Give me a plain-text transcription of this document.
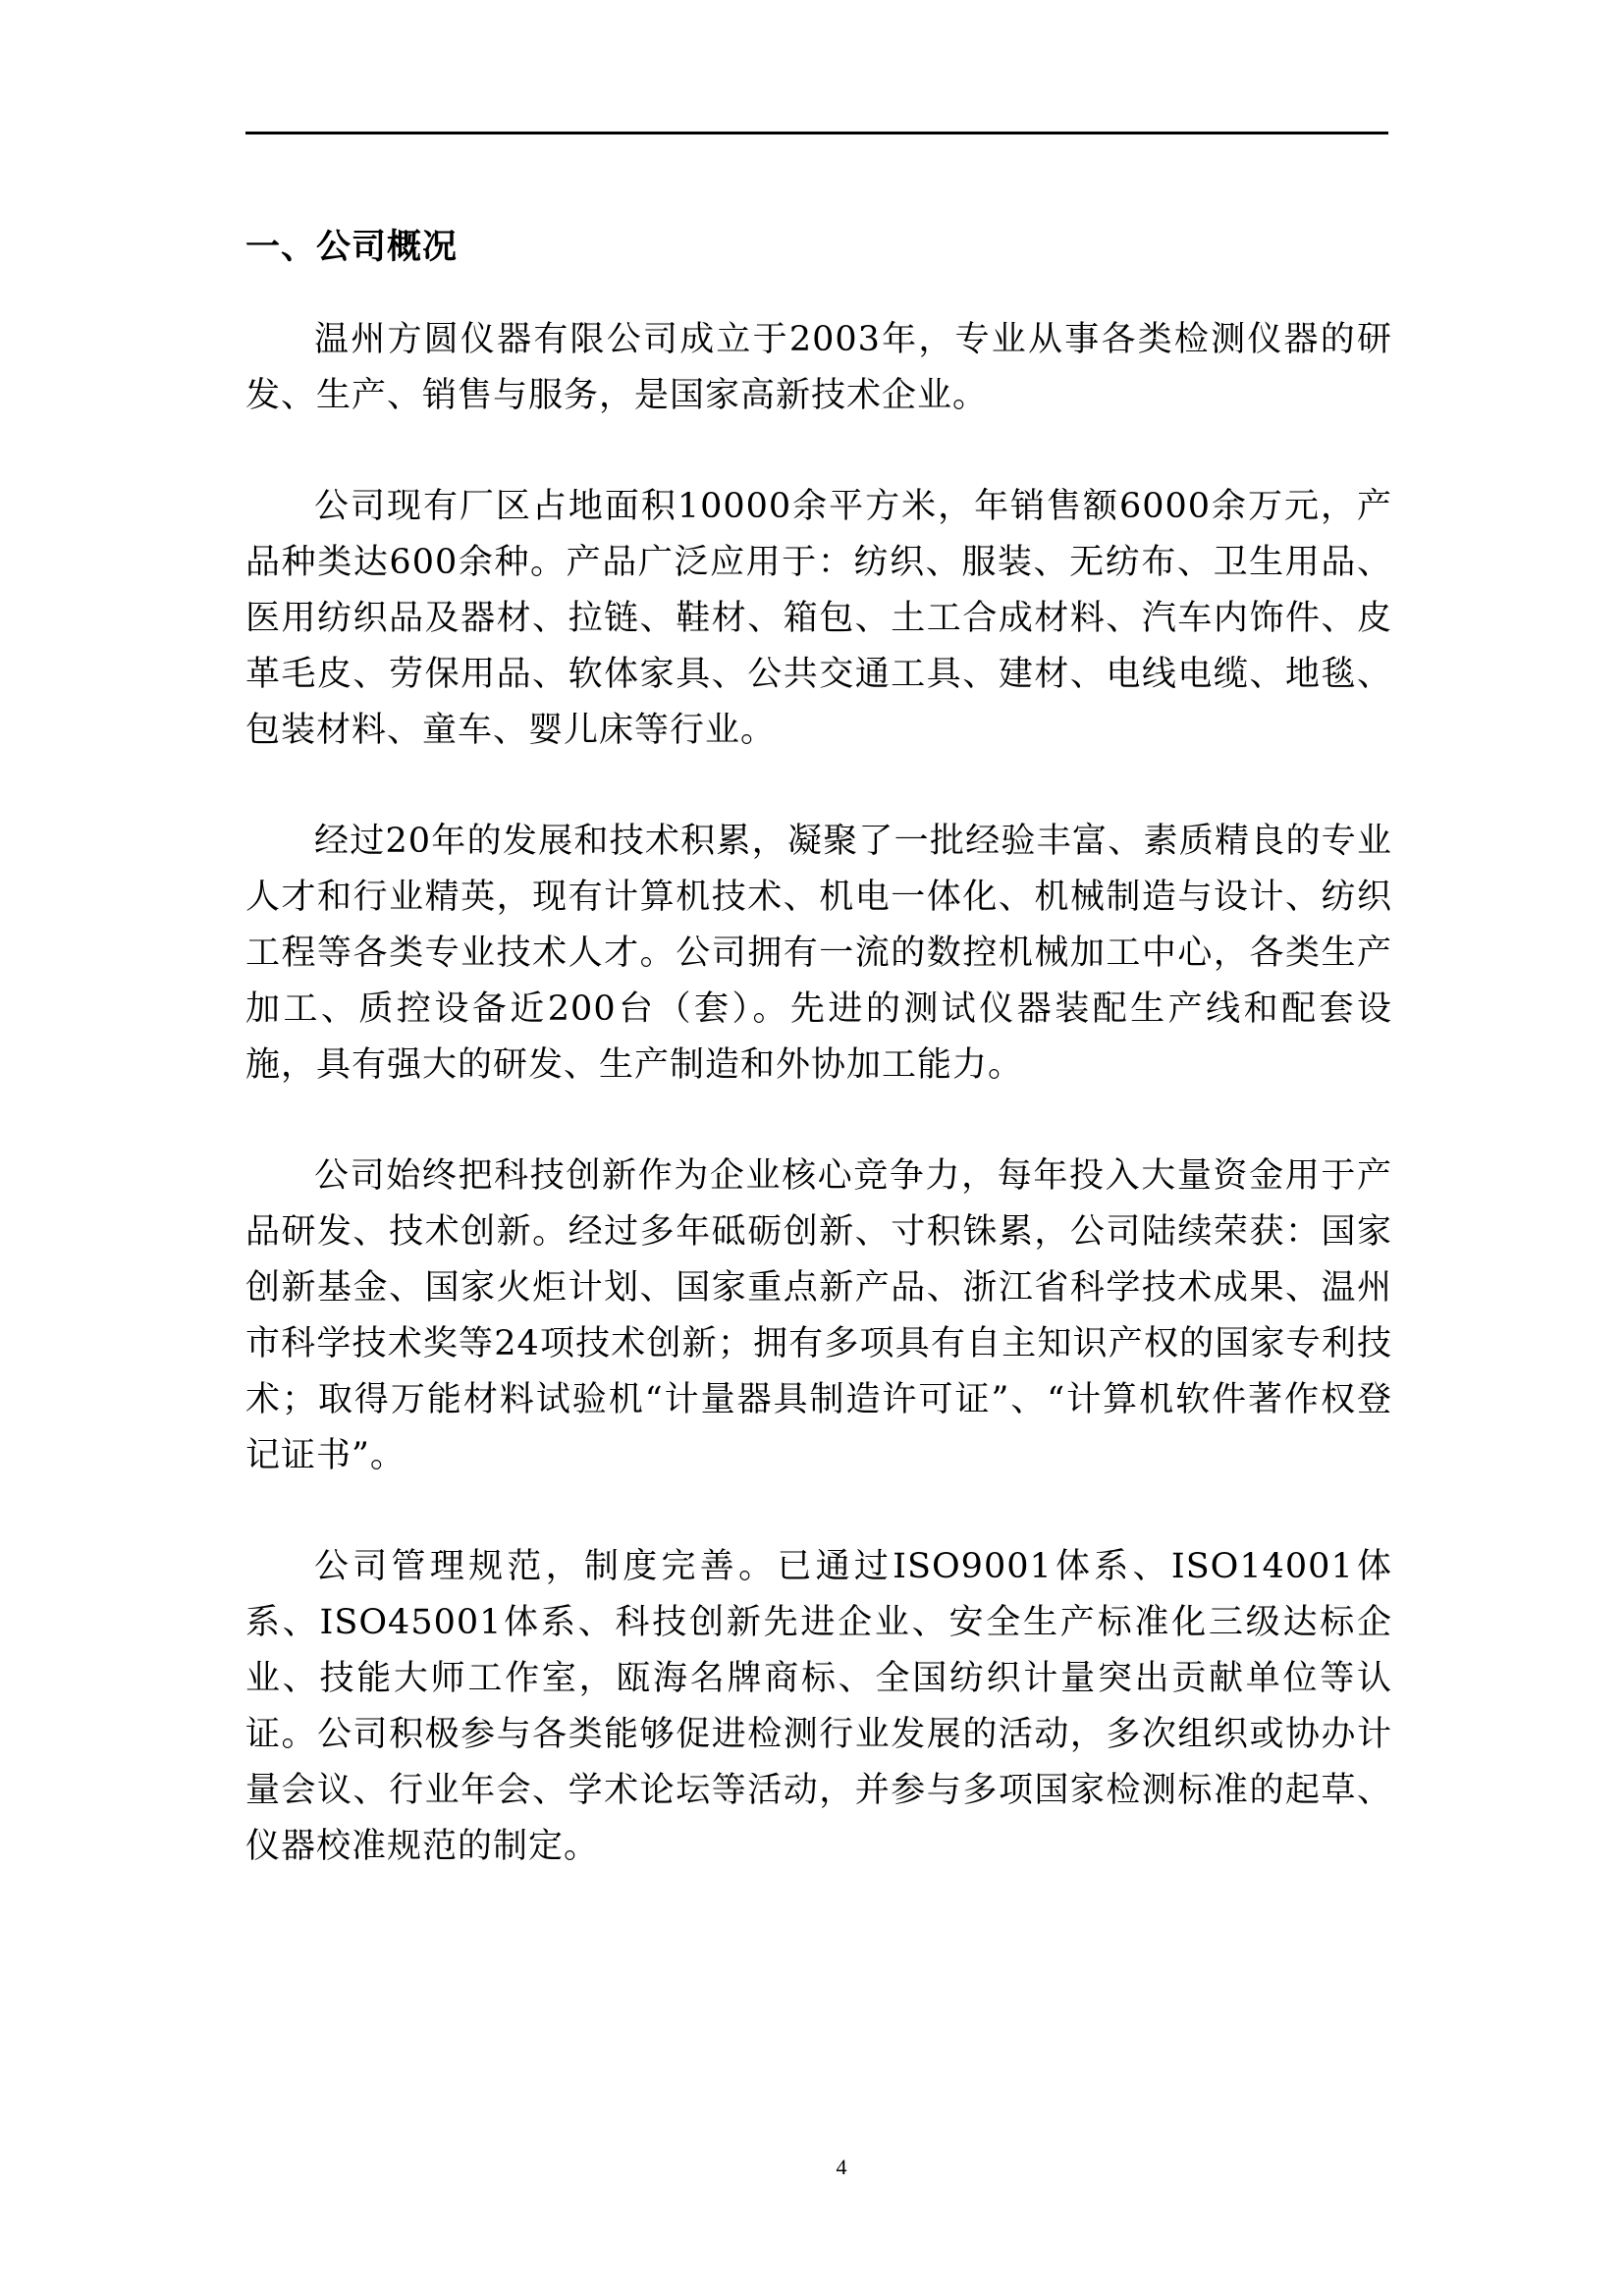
一、公司概况

温州方圆仪器有限公司成立于2003年，专业从事各类检测仪器的研发、生产、销售与服务，是国家高新技术企业。

公司现有厂区占地面积10000余平方米，年销售额6000余万元，产品种类达600余种。产品广泛应用于：纺织、服装、无纺布、卫生用品、医用纺织品及器材、拉链、鞋材、箱包、土工合成材料、汽车内饰件、皮革毛皮、劳保用品、软体家具、公共交通工具、建材、电线电缆、地毯、包装材料、童车、婴儿床等行业。

经过20年的发展和技术积累，凝聚了一批经验丰富、素质精良的专业人才和行业精英，现有计算机技术、机电一体化、机械制造与设计、纺织工程等各类专业技术人才。公司拥有一流的数控机械加工中心，各类生产加工、质控设备近200台（套）。先进的测试仪器装配生产线和配套设施，具有强大的研发、生产制造和外协加工能力。

公司始终把科技创新作为企业核心竞争力，每年投入大量资金用于产品研发、技术创新。经过多年砥砺创新、寸积铢累，公司陆续荣获：国家创新基金、国家火炬计划、国家重点新产品、浙江省科学技术成果、温州市科学技术奖等24项技术创新；拥有多项具有自主知识产权的国家专利技术；取得万能材料试验机“计量器具制造许可证”、“计算机软件著作权登记证书”。

公司管理规范，制度完善。已通过ISO9001体系、ISO14001体系、ISO45001体系、科技创新先进企业、安全生产标准化三级达标企业、技能大师工作室，瓯海名牌商标、全国纺织计量突出贡献单位等认证。公司积极参与各类能够促进检测行业发展的活动，多次组织或协办计量会议、行业年会、学术论坛等活动，并参与多项国家检测标准的起草、仪器校准规范的制定。

4
